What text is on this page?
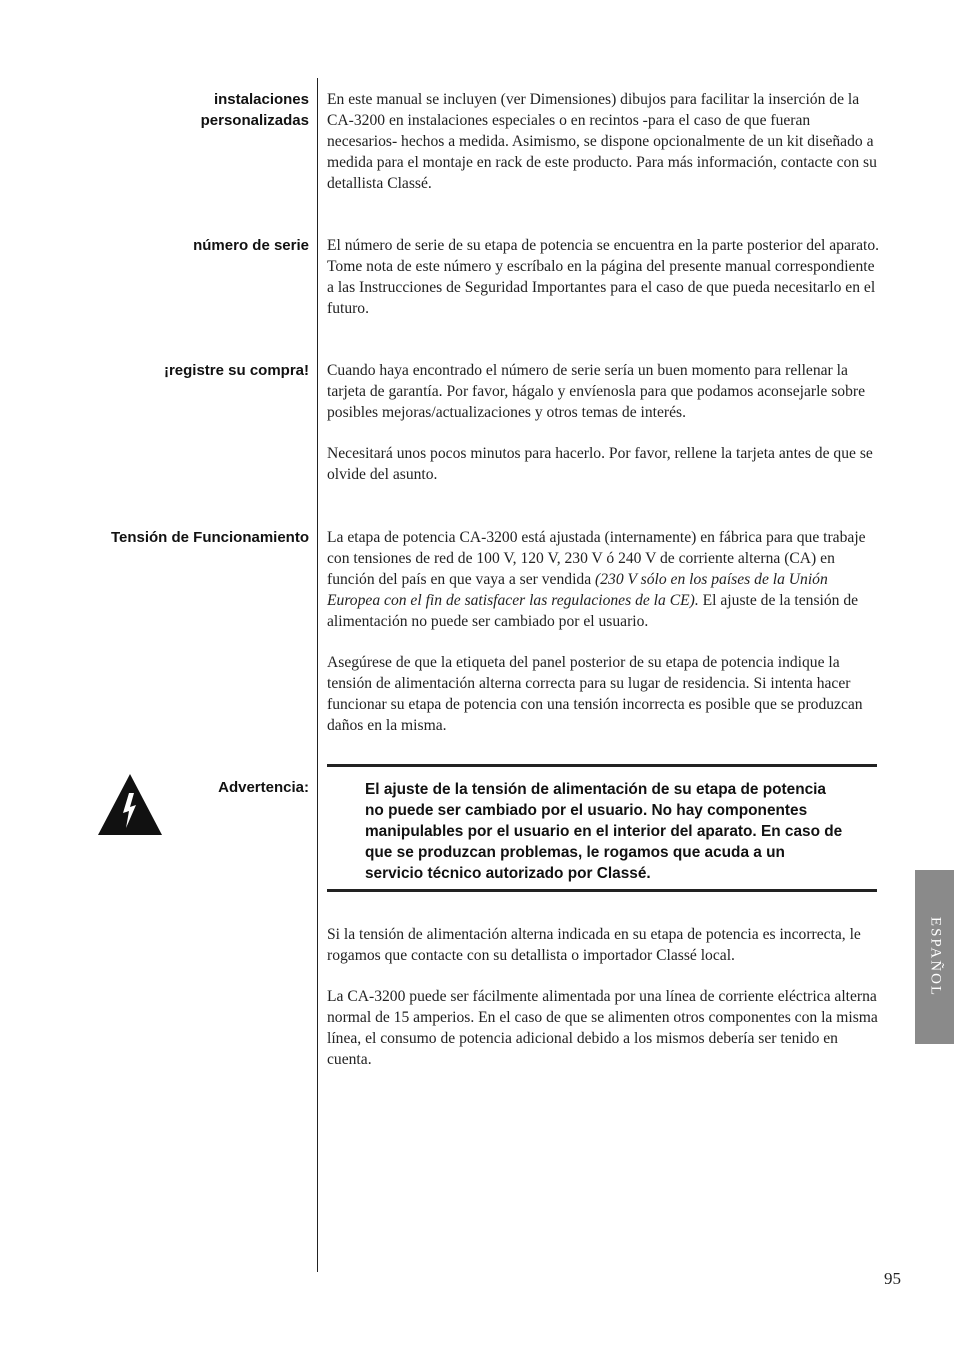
instalaciones
personalizadas

En este manual se incluyen (ver Dimensiones) dibujos para facilitar la inserción de la CA-3200 en instalaciones especiales o en recintos -para el caso de que fueran necesarios- hechos a medida. Asimismo, se dispone opcionalmente de un kit diseñado a medida para el montaje en rack de este producto. Para más información, contacte con su detallista Classé.

número de serie El número de serie de su etapa de potencia se encuentra en la parte posterior del aparato. Tome nota de este número y escríbalo en la página del presente manual correspondiente a las Instrucciones de Seguridad Importantes para el caso de que pueda necesitarlo en el futuro.

¡registre su compra! Cuando haya encontrado el número de serie sería un buen momento para rellenar la tarjeta de garantía. Por favor, hágalo y envíenosla para que podamos aconsejarle sobre posibles mejoras/actualizaciones y otros temas de interés.

Necesitará unos pocos minutos para hacerlo. Por favor, rellene la tarjeta antes de que se olvide del asunto.

Tensión de Funcionamiento La etapa de potencia CA-3200 está ajustada (internamente) en fábrica para que trabaje con tensiones de red de 100 V, 120 V, 230 V ó 240 V de corriente alterna (CA) en función del país en que vaya a ser vendida (230 V sólo en los países de la Unión Europea con el fin de satisfacer las regulaciones de la CE). El ajuste de la tensión de alimentación no puede ser cambiado por el usuario.

Asegúrese de que la etiqueta del panel posterior de su etapa de potencia indique la tensión de alimentación alterna correcta para su lugar de residencia. Si intenta hacer funcionar su etapa de potencia con una tensión incorrecta es posible que se produzcan daños en la misma.

Advertencia:	El ajuste de la tensión de alimentación de su etapa de potencia no puede ser cambiado por el usuario. No hay componentes manipulables por el usuario en el interior del aparato. En caso de que se produzcan problemas, le rogamos que acuda a un servicio técnico autorizado por Classé.

Si la tensión de alimentación alterna indicada en su etapa de potencia es incorrecta, le rogamos que contacte con su detallista o importador Classé local.

La CA-3200 puede ser fácilmente alimentada por una línea de corriente eléctrica alterna normal de 15 amperios. En el caso de que se alimenten otros componentes con la misma línea, el consumo de potencia adicional debido a los mismos debería ser tenido en cuenta.

ESPAÑOL
95
